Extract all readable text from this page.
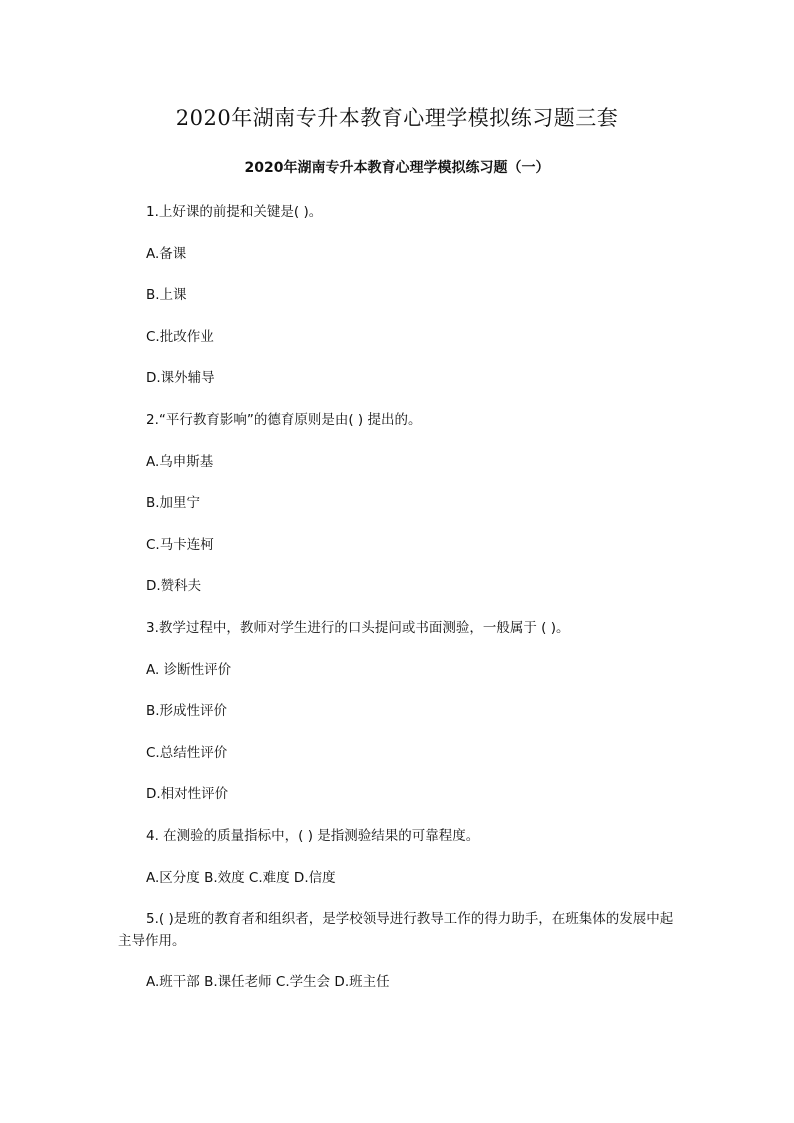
2020年湖南专升本教育心理学模拟练习题三套
2020年湖南专升本教育心理学模拟练习题（一）
1.上好课的前提和关键是( )。
A.备课
B.上课
C.批改作业
D.课外辅导
2.“平行教育影响”的德育原则是由( ) 提出的。
A.乌申斯基
B.加里宁
C.马卡连柯
D.赞科夫
3.教学过程中，教师对学生进行的口头提问或书面测验，一般属于 ( )。
A. 诊断性评价
B.形成性评价
C.总结性评价
D.相对性评价
4. 在测验的质量指标中，( ) 是指测验结果的可靠程度。
A.区分度 B.效度 C.难度 D.信度
5.( )是班的教育者和组织者，是学校领导进行教导工作的得力助手，在班集体的发展中起主导作用。
A.班干部 B.课任老师 C.学生会 D.班主任
